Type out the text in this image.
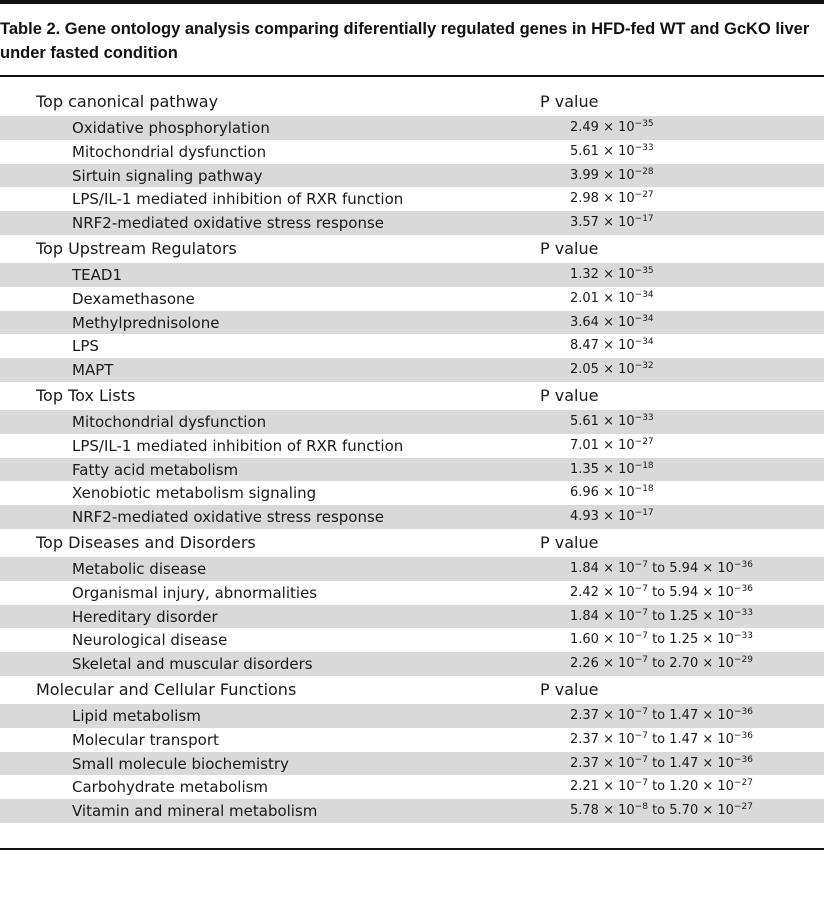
Table 2. Gene ontology analysis comparing diferentially regulated genes in HFD-fed WT and GcKO liver under fasted condition
Top canonical pathway	P value
Oxidative phosphorylation	$2.49 \times 10^{-35}$
Mitochondrial dysfunction	$5.61 \times 10^{-33}$
Sirtuin signaling pathway	$3.99 \times 10^{-28}$
LPS/IL-1 mediated inhibition of RXR function	$2.98 \times 10^{-27}$
NRF2-mediated oxidative stress response	$3.57 \times 10^{-17}$
Top Upstream Regulators	P value
TEAD1	$1.32 \times 10^{-35}$
Dexamethasone	$2.01 \times 10^{-34}$
Methylprednisolone	$3.64 \times 10^{-34}$
LPS	$8.47 \times 10^{-34}$
MAPT	$2.05 \times 10^{-32}$
Top Tox Lists	P value
Mitochondrial dysfunction	$5.61 \times 10^{-33}$
LPS/IL-1 mediated inhibition of RXR function	$7.01 \times 10^{-27}$
Fatty acid metabolism	$1.35 \times 10^{-18}$
Xenobiotic metabolism signaling	$6.96 \times 10^{-18}$
NRF2-mediated oxidative stress response	$4.93 \times 10^{-17}$
Top Diseases and Disorders	P value
Metabolic disease	$1.84 \times 10^{-7}$ to $5.94 \times 10^{-36}$
Organismal injury, abnormalities	$2.42 \times 10^{-7}$ to $5.94 \times 10^{-36}$
Hereditary disorder	$1.84 \times 10^{-7}$ to $1.25 \times 10^{-33}$
Neurological disease	$1.60 \times 10^{-7}$ to $1.25 \times 10^{-33}$
Skeletal and muscular disorders	$2.26 \times 10^{-7}$ to $2.70 \times 10^{-29}$
Molecular and Cellular Functions	P value
Lipid metabolism	$2.37 \times 10^{-7}$ to $1.47 \times 10^{-36}$
Molecular transport	$2.37 \times 10^{-7}$ to $1.47 \times 10^{-36}$
Small molecule biochemistry	$2.37 \times 10^{-7}$ to $1.47 \times 10^{-36}$
Carbohydrate metabolism	$2.21 \times 10^{-7}$ to $1.20 \times 10^{-27}$
Vitamin and mineral metabolism	$5.78 \times 10^{-8}$ to $5.70 \times 10^{-27}$
